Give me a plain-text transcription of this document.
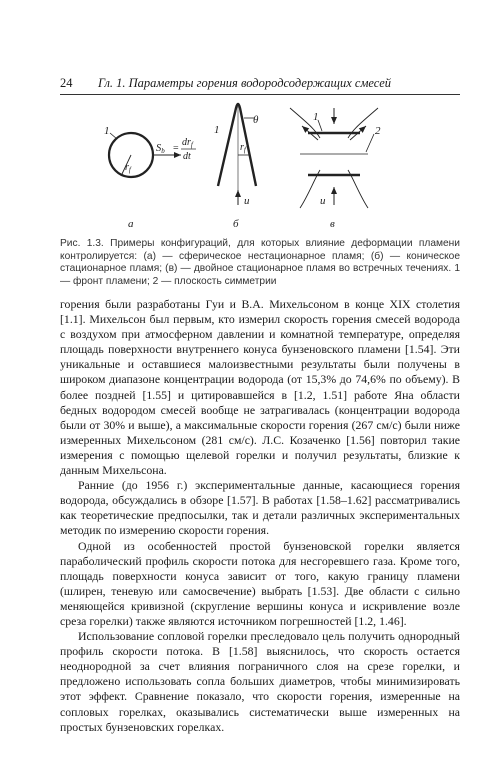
24 Гл. 1. Параметры горения водородсодержащих смесей
1
$r_f$
Sb =
$dr_f$
dt
а
1
θ
$r_f$
u
б
1
2
u
в
Рис. 1.3. Примеры конфигураций, для которых влияние деформации пламени контролируется: (а) — сферическое нестационарное пламя; (б) — коническое стационарное пламя; (в) — двойное стационарное пламя во встречных течениях. 1 — фронт пламени; 2 — плоскость симметрии

горения были разработаны Гуи и В.А. Михельсоном в конце XIX столетия [1.1]. Михельсон был первым, кто измерил скорость горения смесей водорода с воздухом при атмосферном давлении и комнатной температуре, определяя площадь поверхности внутреннего конуса бунзеновского пламени [1.54]. Эти уникальные и оставшиеся малоизвестными результаты были получены в широком диапазоне концентрации водорода (от 15,3% до 74,6% по объему). В более поздней [1.55] и цитировавшейся в [1.2, 1.51] работе Яна области бедных водородом смесей вообще не затрагивалась (концентрации водорода были от 30% и выше), а максимальные скорости горения (267 см/с) были ниже измеренных Михельсоном (281 см/с). Л.С. Козаченко [1.56] повторил такие измерения с помощью щелевой горелки и получил результаты, близкие к данным Михельсона.

Ранние (до 1956 г.) экспериментальные данные, касающиеся горения водорода, обсуждались в обзоре [1.57]. В работах [1.58–1.62] рассматривались как теоретические предпосылки, так и детали различных экспериментальных методик по измерению скорости горения.

Одной из особенностей простой бунзеновской горелки является параболический профиль скорости потока для несгоревшего газа. Кроме того, площадь поверхности конуса зависит от того, какую границу пламени (шлирен, теневую или самосвечение) выбрать [1.53]. Две области с сильно меняющейся кривизной (скругление вершины конуса и искривление возле среза горелки) также являются источником погрешностей [1.2, 1.46].

Использование сопловой горелки преследовало цель получить однородный профиль скорости потока. В [1.58] выяснилось, что скорость остается неоднородной за счет влияния пограничного слоя на срезе горелки, и предложено использовать сопла больших диаметров, чтобы минимизировать этот эффект. Сравнение показало, что скорости горения, измеренные на сопловых горелках, оказывались систематически выше измеренных на простых бунзеновских горелках.
